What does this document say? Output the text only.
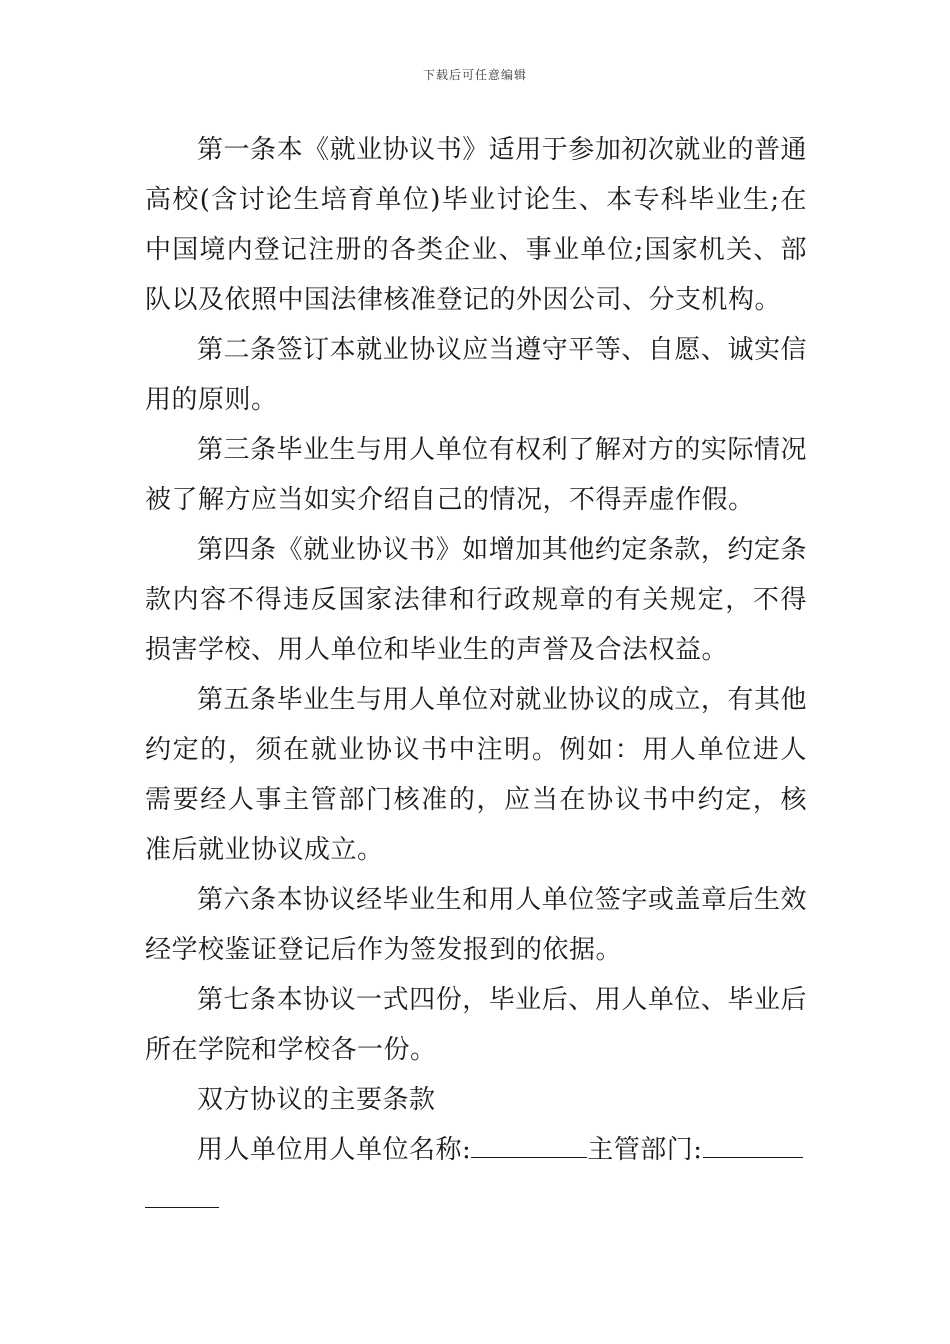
下载后可任意编辑

第一条本《就业协议书》适用于参加初次就业的普通高校(含讨论生培育单位)毕业讨论生、本专科毕业生;在中国境内登记注册的各类企业、事业单位;国家机关、部队以及依照中国法律核准登记的外因公司、分支机构。

第二条签订本就业协议应当遵守平等、自愿、诚实信用的原则。

第三条毕业生与用人单位有权利了解对方的实际情况被了解方应当如实介绍自己的情况，不得弄虚作假。

第四条《就业协议书》如增加其他约定条款，约定条款内容不得违反国家法律和行政规章的有关规定，不得损害学校、用人单位和毕业生的声誉及合法权益。

第五条毕业生与用人单位对就业协议的成立，有其他约定的，须在就业协议书中注明。例如：用人单位进人需要经人事主管部门核准的，应当在协议书中约定，核准后就业协议成立。

第六条本协议经毕业生和用人单位签字或盖章后生效经学校鉴证登记后作为签发报到的依据。

第七条本协议一式四份，毕业后、用人单位、毕业后所在学院和学校各一份。

双方协议的主要条款

用人单位用人单位名称:	主管部门:
